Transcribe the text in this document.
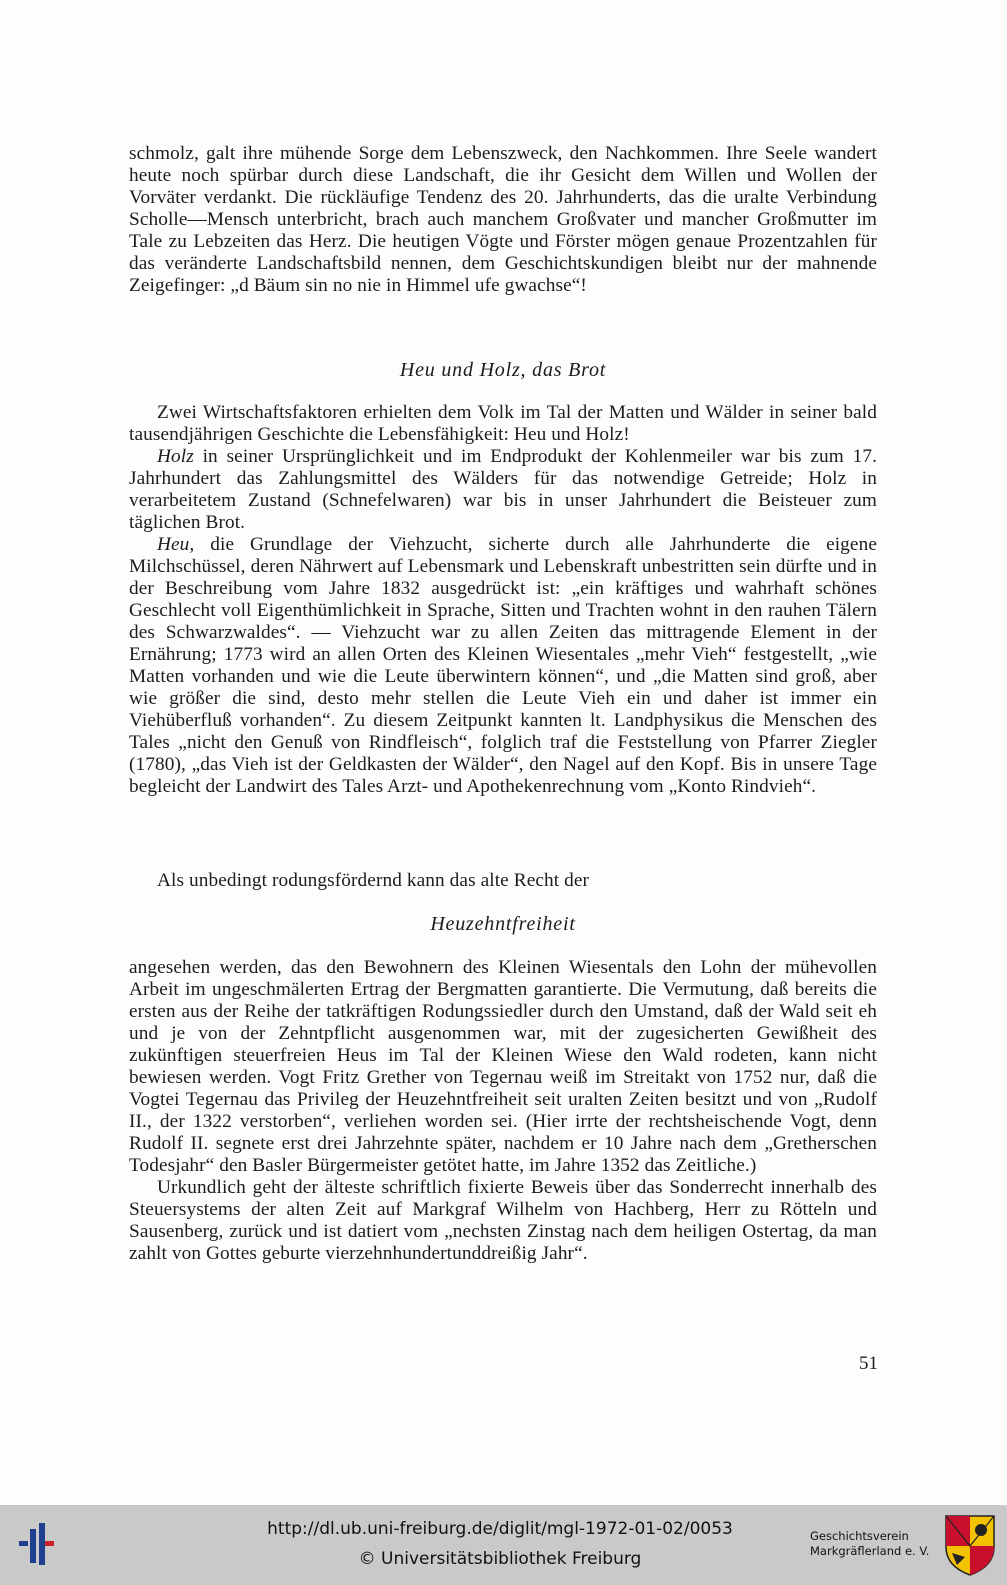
schmolz, galt ihre mühende Sorge dem Lebenszweck, den Nachkommen. Ihre Seele wandert heute noch spürbar durch diese Landschaft, die ihr Gesicht dem Willen und Wollen der Vorväter verdankt. Die rückläufige Tendenz des 20. Jahrhunderts, das die uralte Verbindung Scholle—Mensch unterbricht, brach auch manchem Großvater und mancher Großmutter im Tale zu Lebzeiten das Herz. Die heutigen Vögte und Förster mögen genaue Prozentzahlen für das veränderte Landschaftsbild nennen, dem Geschichtskundigen bleibt nur der mahnende Zeigefinger: „d Bäum sin no nie in Himmel ufe gwachse“!

Heu und Holz, das Brot

Zwei Wirtschaftsfaktoren erhielten dem Volk im Tal der Matten und Wälder in seiner bald tausendjährigen Geschichte die Lebensfähigkeit: Heu und Holz!

Holz in seiner Ursprünglichkeit und im Endprodukt der Kohlenmeiler war bis zum 17. Jahrhundert das Zahlungsmittel des Wälders für das notwendige Getreide; Holz in verarbeitetem Zustand (Schnefelwaren) war bis in unser Jahrhundert die Beisteuer zum täglichen Brot.

Heu, die Grundlage der Viehzucht, sicherte durch alle Jahrhunderte die eigene Milchschüssel, deren Nährwert auf Lebensmark und Lebenskraft unbestritten sein dürfte und in der Beschreibung vom Jahre 1832 ausgedrückt ist: „ein kräftiges und wahrhaft schönes Geschlecht voll Eigenthümlichkeit in Sprache, Sitten und Trachten wohnt in den rauhen Tälern des Schwarzwaldes“. — Viehzucht war zu allen Zeiten das mittragende Element in der Ernährung; 1773 wird an allen Orten des Kleinen Wiesentales „mehr Vieh“ festgestellt, „wie Matten vorhanden und wie die Leute überwintern können“, und „die Matten sind groß, aber wie größer die sind, desto mehr stellen die Leute Vieh ein und daher ist immer ein Viehüberfluß vorhanden“. Zu diesem Zeitpunkt kannten lt. Landphysikus die Menschen des Tales „nicht den Genuß von Rindfleisch“, folglich traf die Feststellung von Pfarrer Ziegler (1780), „das Vieh ist der Geldkasten der Wälder“, den Nagel auf den Kopf. Bis in unsere Tage begleicht der Landwirt des Tales Arzt- und Apothekenrechnung vom „Konto Rindvieh“.

Als unbedingt rodungsfördernd kann das alte Recht der

Heuzehntfreiheit

angesehen werden, das den Bewohnern des Kleinen Wiesentals den Lohn der mühevollen Arbeit im ungeschmälerten Ertrag der Bergmatten garantierte. Die Vermutung, daß bereits die ersten aus der Reihe der tatkräftigen Rodungssiedler durch den Umstand, daß der Wald seit eh und je von der Zehntpflicht ausgenommen war, mit der zugesicherten Gewißheit des zukünftigen steuerfreien Heus im Tal der Kleinen Wiese den Wald rodeten, kann nicht bewiesen werden. Vogt Fritz Grether von Tegernau weiß im Streitakt von 1752 nur, daß die Vogtei Tegernau das Privileg der Heuzehntfreiheit seit uralten Zeiten besitzt und von „Rudolf II., der 1322 verstorben“, verliehen worden sei. (Hier irrte der rechtsheischende Vogt, denn Rudolf II. segnete erst drei Jahrzehnte später, nachdem er 10 Jahre nach dem „Gretherschen Todesjahr“ den Basler Bürgermeister getötet hatte, im Jahre 1352 das Zeitliche.)

Urkundlich geht der älteste schriftlich fixierte Beweis über das Sonderrecht innerhalb des Steuersystems der alten Zeit auf Markgraf Wilhelm von Hachberg, Herr zu Rötteln und Sausenberg, zurück und ist datiert vom „nechsten Zinstag nach dem heiligen Ostertag, da man zahlt von Gottes geburte vierzehnhundertunddreißig Jahr“.

51
http://dl.ub.uni-freiburg.de/diglit/mgl-1972-01-02/0053
© Universitätsbibliothek Freiburg
Geschichtsverein
Markgräflerland e. V.
